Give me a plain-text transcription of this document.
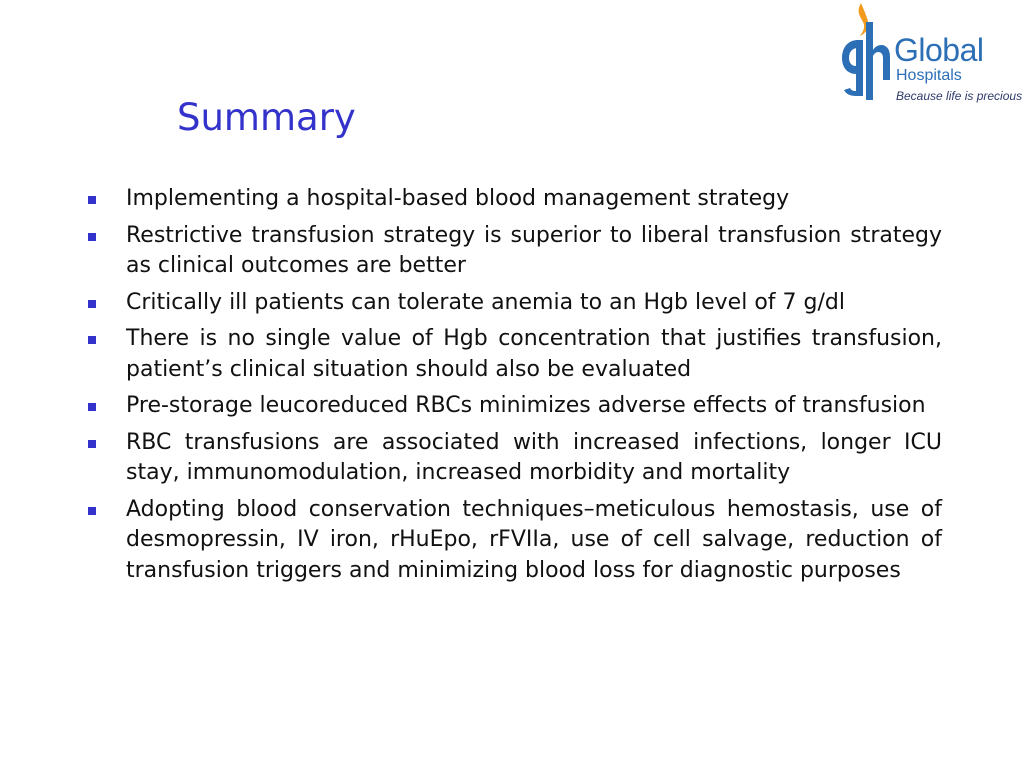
Summary
Global
Hospitals
Because life is precious
Implementing a hospital-based blood management strategy
Restrictive transfusion strategy is superior to liberal transfusion strategy as clinical outcomes are better
Critically ill patients can tolerate anemia to an Hgb level of 7 g/dl
There is no single value of Hgb concentration that justifies transfusion, patient’s clinical situation should also be evaluated
Pre-storage leucoreduced RBCs minimizes adverse effects of transfusion
RBC transfusions are associated with increased infections, longer ICU stay, immunomodulation, increased morbidity and mortality
Adopting blood conservation techniques–meticulous hemostasis, use of desmopressin, IV iron, rHuEpo, rFVIIa, use of cell salvage, reduction of transfusion triggers and minimizing blood loss for diagnostic purposes
